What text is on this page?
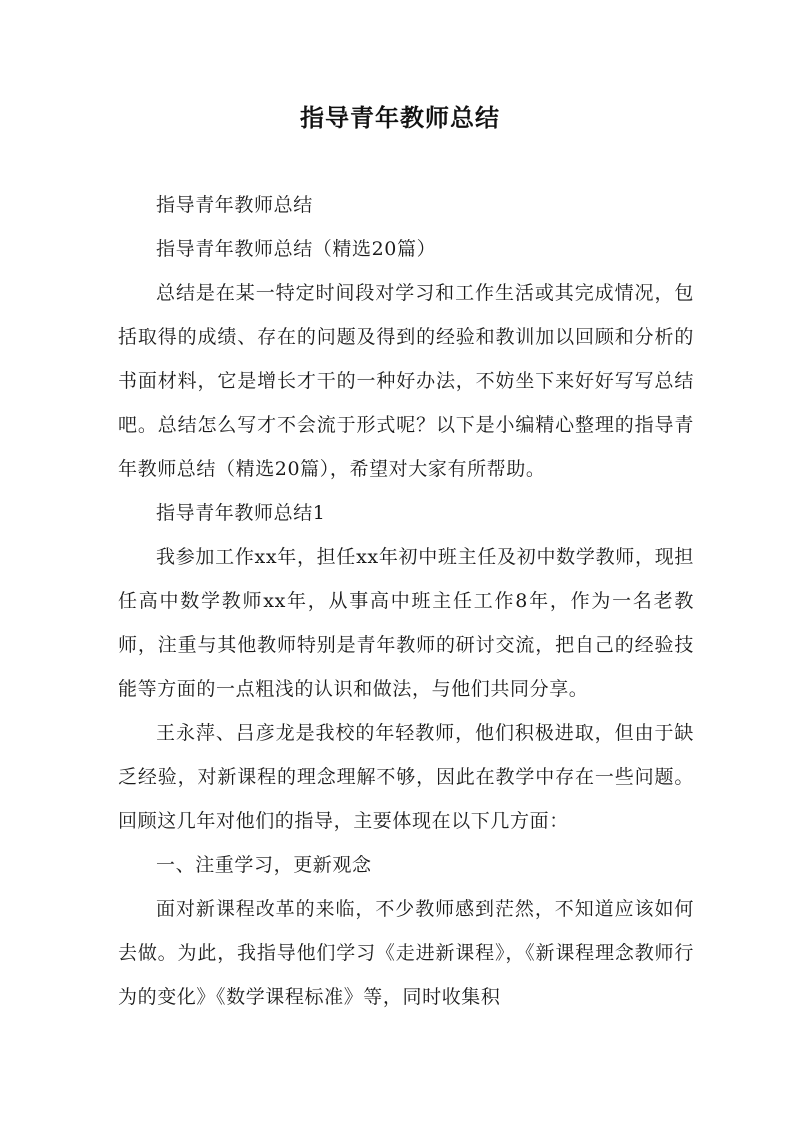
指导青年教师总结

指导青年教师总结

指导青年教师总结（精选20篇）

总结是在某一特定时间段对学习和工作生活或其完成情况，包括取得的成绩、存在的问题及得到的经验和教训加以回顾和分析的书面材料，它是增长才干的一种好办法，不妨坐下来好好写写总结吧。总结怎么写才不会流于形式呢？以下是小编精心整理的指导青年教师总结（精选20篇），希望对大家有所帮助。

指导青年教师总结1

我参加工作xx年，担任xx年初中班主任及初中数学教师，现担任高中数学教师xx年，从事高中班主任工作8年，作为一名老教师，注重与其他教师特别是青年教师的研讨交流，把自己的经验技能等方面的一点粗浅的认识和做法，与他们共同分享。

王永萍、吕彦龙是我校的年轻教师，他们积极进取，但由于缺乏经验，对新课程的理念理解不够，因此在教学中存在一些问题。回顾这几年对他们的指导，主要体现在以下几方面：

一、注重学习，更新观念

面对新课程改革的来临，不少教师感到茫然，不知道应该如何去做。为此，我指导他们学习《走进新课程》，《新课程理念教师行为的变化》《数学课程标准》等，同时收集积
